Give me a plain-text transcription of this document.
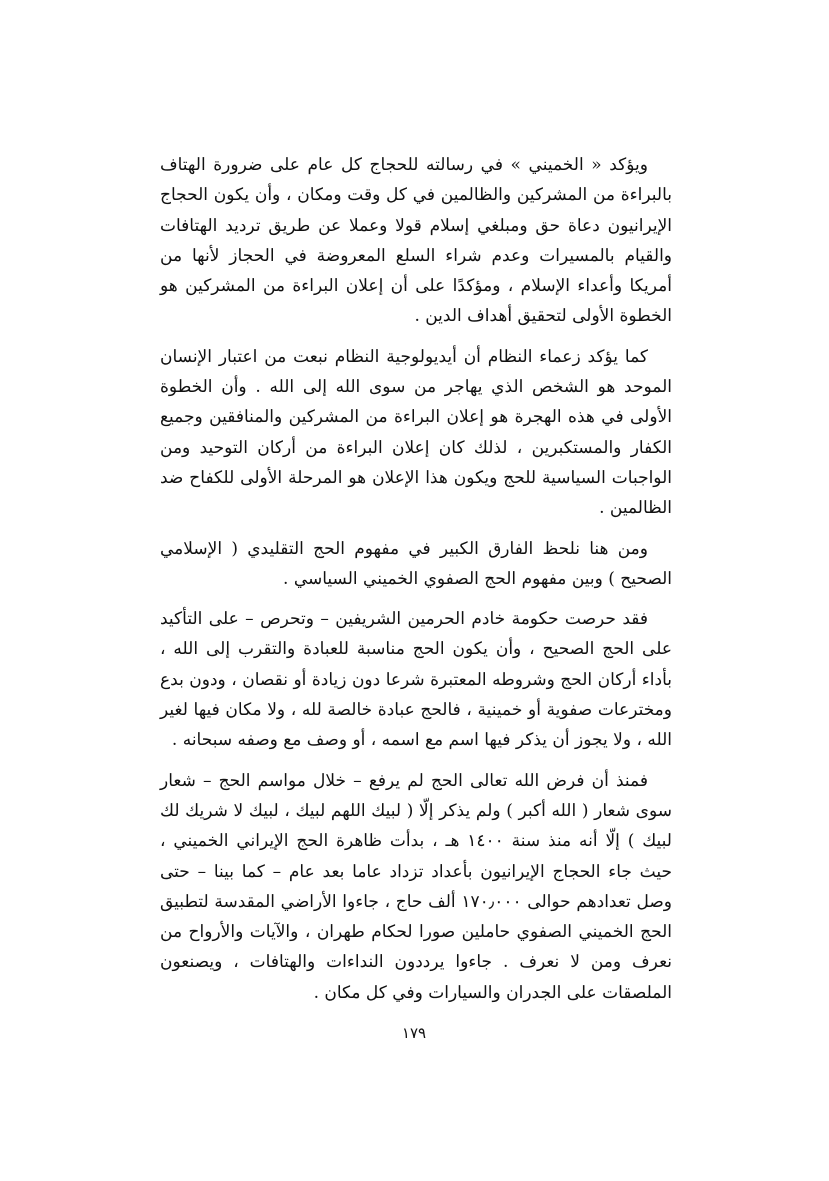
ويؤكد « الخميني » في رسالته للحجاج كل عام على ضرورة الهتاف بالبراءة من المشركين والظالمين في كل وقت ومكان ، وأن يكون الحجاج الإيرانيون دعاة حق ومبلغي إسلام قولا وعملا عن طريق ترديد الهتافات والقيام بالمسيرات وعدم شراء السلع المعروضة في الحجاز لأنها من أمريكا وأعداء الإسلام ، ومؤكدًا على أن إعلان البراءة من المشركين هو الخطوة الأولى لتحقيق أهداف الدين .

كما يؤكد زعماء النظام أن أيديولوجية النظام نبعت من اعتبار الإنسان الموحد هو الشخص الذي يهاجر من سوى الله إلى الله . وأن الخطوة الأولى في هذه الهجرة هو إعلان البراءة من المشركين والمنافقين وجميع الكفار والمستكبرين ، لذلك كان إعلان البراءة من أركان التوحيد ومن الواجبات السياسية للحج ويكون هذا الإعلان هو المرحلة الأولى للكفاح ضد الظالمين .

ومن هنا نلحظ الفارق الكبير في مفهوم الحج التقليدي ( الإسلامي الصحيح ) وبين مفهوم الحج الصفوي الخميني السياسي .

فقد حرصت حكومة خادم الحرمين الشريفين – وتحرص – على التأكيد على الحج الصحيح ، وأن يكون الحج مناسبة للعبادة والتقرب إلى الله ، بأداء أركان الحج وشروطه المعتبرة شرعا دون زيادة أو نقصان ، ودون بدع ومخترعات صفوية أو خمينية ، فالحج عبادة خالصة لله ، ولا مكان فيها لغير الله ، ولا يجوز أن يذكر فيها اسم مع اسمه ، أو وصف مع وصفه سبحانه .

فمنذ أن فرض الله تعالى الحج لم يرفع – خلال مواسم الحج – شعار سوى شعار ( الله أكبر ) ولم يذكر إلّا ( لبيك اللهم لبيك ، لبيك لا شريك لك لبيك ) إلّا أنه منذ سنة ١٤٠٠ هـ ، بدأت ظاهرة الحج الإيراني الخميني ، حيث جاء الحجاج الإيرانيون بأعداد تزداد عاما بعد عام – كما بينا – حتى وصل تعدادهم حوالى ١٧٠٫٠٠٠ ألف حاج ، جاءوا الأراضي المقدسة لتطبيق الحج الخميني الصفوي حاملين صورا لحكام طهران ، والآيات والأرواح من نعرف ومن لا نعرف . جاءوا يرددون النداءات والهتافات ، ويصنعون الملصقات على الجدران والسيارات وفي كل مكان .

١٧٩
